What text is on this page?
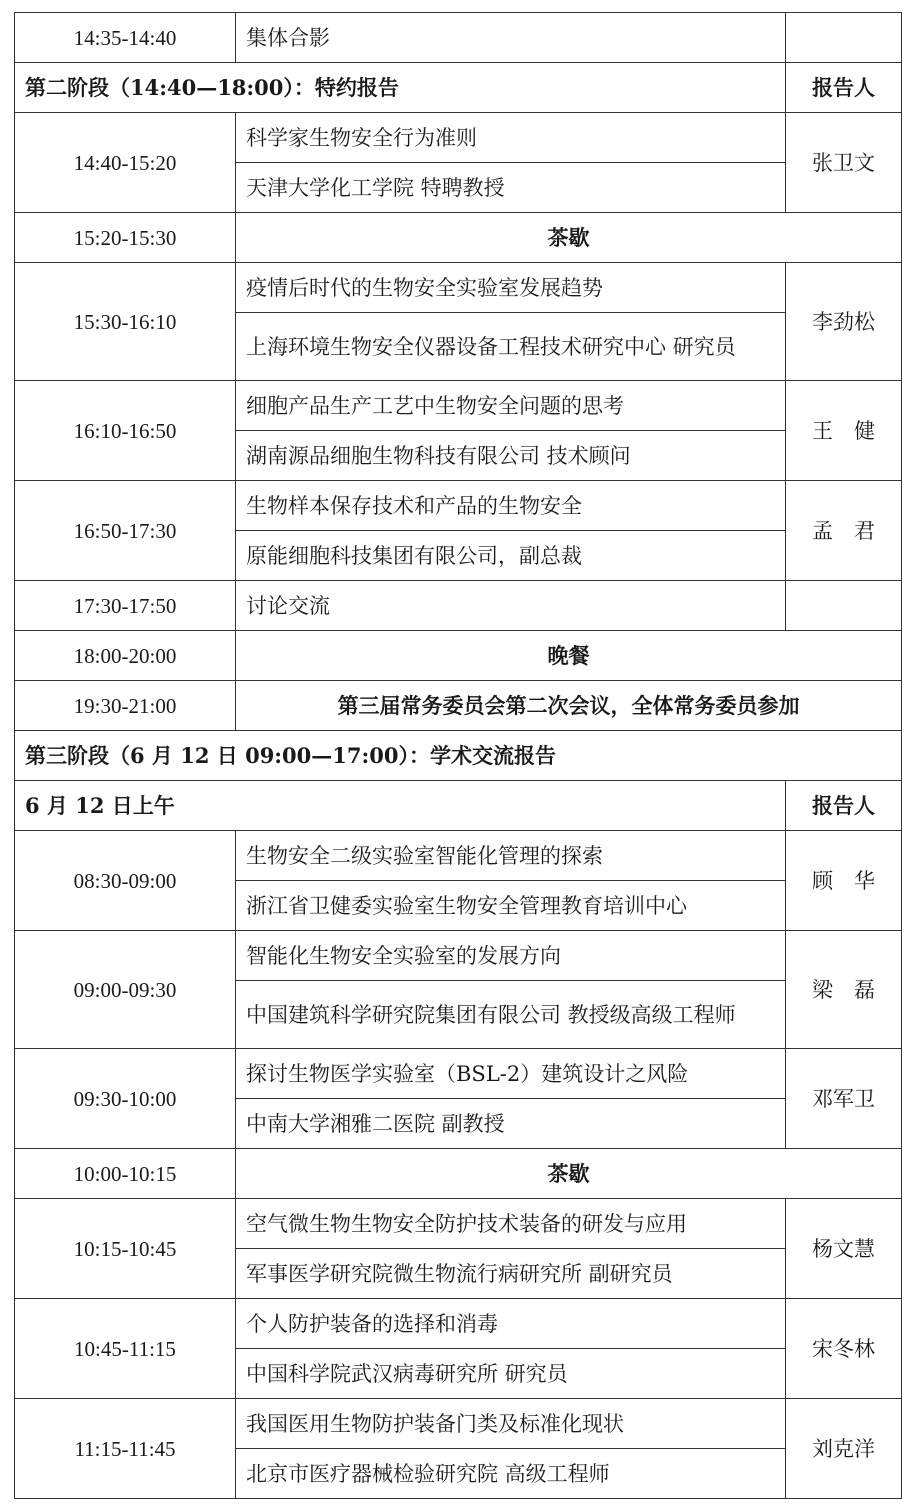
14:35-14:40	集体合影	
第二阶段（14:40—18:00）：特约报告		报告人
14:40-15:20	科学家生物安全行为准则	张卫文
	天津大学化工学院 特聘教授	
15:20-15:30	茶歇	
15:30-16:10	疫情后时代的生物安全实验室发展趋势	李劲松
	上海环境生物安全仪器设备工程技术研究中心 研究员	
16:10-16:50	细胞产品生产工艺中生物安全问题的思考	王　健
	湖南源品细胞生物科技有限公司 技术顾问	
16:50-17:30	生物样本保存技术和产品的生物安全	孟　君
	原能细胞科技集团有限公司，副总裁	
17:30-17:50	讨论交流	
18:00-20:00	晚餐	
19:30-21:00	第三届常务委员会第二次会议，全体常务委员参加	
第三阶段（6 月 12 日 09:00—17:00）：学术交流报告		
6 月 12 日上午		报告人
08:30-09:00	生物安全二级实验室智能化管理的探索	顾　华
	浙江省卫健委实验室生物安全管理教育培训中心	
09:00-09:30	智能化生物安全实验室的发展方向	梁　磊
	中国建筑科学研究院集团有限公司 教授级高级工程师	
09:30-10:00	探讨生物医学实验室（BSL-2）建筑设计之风险	邓军卫
	中南大学湘雅二医院 副教授	
10:00-10:15	茶歇	
10:15-10:45	空气微生物生物安全防护技术装备的研发与应用	杨文慧
	军事医学研究院微生物流行病研究所 副研究员	
10:45-11:15	个人防护装备的选择和消毒	宋冬林
	中国科学院武汉病毒研究所 研究员	
11:15-11:45	我国医用生物防护装备门类及标准化现状	刘克洋
	北京市医疗器械检验研究院 高级工程师	
